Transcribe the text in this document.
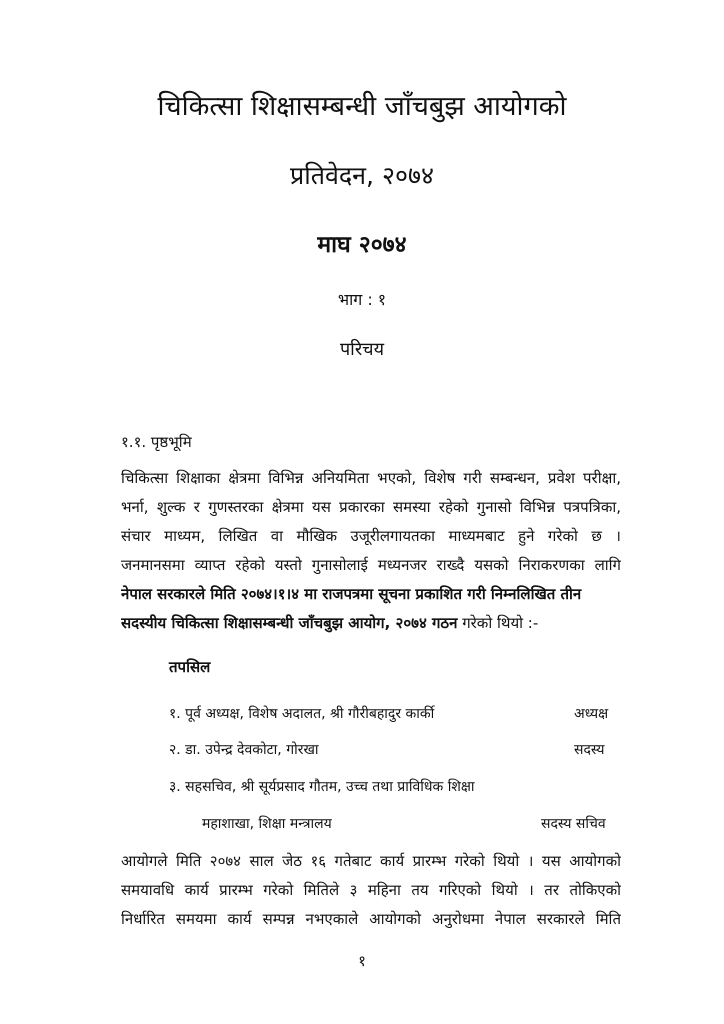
चिकित्सा शिक्षासम्बन्धी जाँचबुझ आयोगको
प्रतिवेदन, २०७४
माघ २०७४
भाग : १
परिचय
१.१. पृष्ठभूमि
चिकित्सा शिक्षाका क्षेत्रमा विभिन्न अनियमिता भएको, विशेष गरी सम्बन्धन, प्रवेश परीक्षा,
भर्ना, शुल्क र गुणस्तरका क्षेत्रमा यस प्रकारका समस्या रहेको गुनासो विभिन्न पत्रपत्रिका,
संचार माध्यम, लिखित वा मौखिक उजूरीलगायतका माध्यमबाट हुने गरेको छ ।
जनमानसमा व्याप्त रहेको यस्तो गुनासोलाई मध्यनजर राख्दै यसको निराकरणका लागि
नेपाल सरकारले मिति २०७४।१।४ मा राजपत्रमा सूचना प्रकाशित गरी निम्नलिखित तीन
सदस्यीय चिकित्सा शिक्षासम्बन्धी जाँचबुझ आयोग, २०७४ गठन गरेको थियो :-
तपसिल
१. पूर्व अध्यक्ष, विशेष अदालत, श्री गौरीबहादुर कार्की	अध्यक्ष
२. डा. उपेन्द्र देवकोटा, गोरखा	सदस्य
३. सहसचिव, श्री सूर्यप्रसाद गौतम, उच्च तथा प्राविधिक शिक्षा
महाशाखा, शिक्षा मन्त्रालय	सदस्य सचिव
आयोगले मिति २०७४ साल जेठ १६ गतेबाट कार्य प्रारम्भ गरेको थियो । यस आयोगको
समयावधि कार्य प्रारम्भ गरेको मितिले ३ महिना तय गरिएको थियो । तर तोकिएको
निर्धारित समयमा कार्य सम्पन्न नभएकाले आयोगको अनुरोधमा नेपाल सरकारले मिति
१
